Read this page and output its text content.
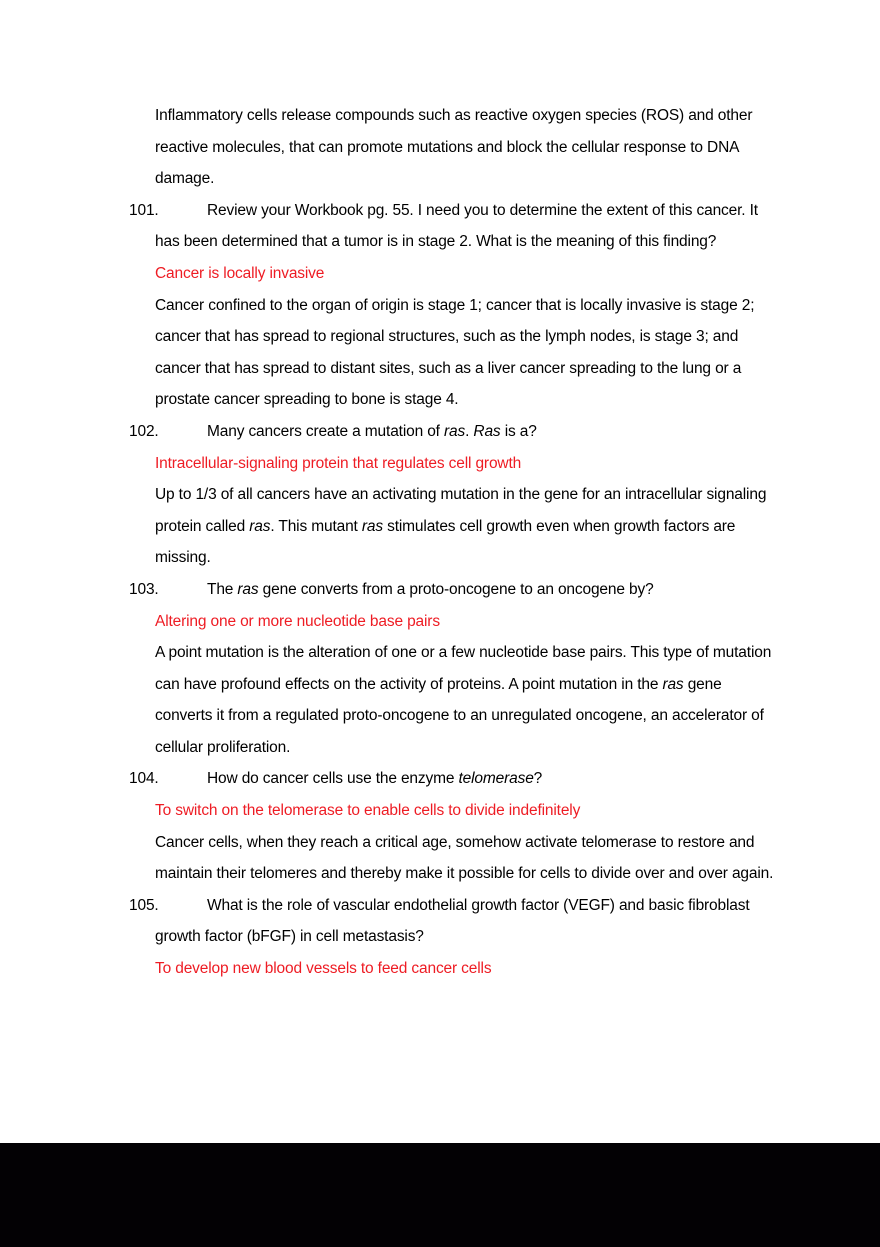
Inflammatory cells release compounds such as reactive oxygen species (ROS) and other reactive molecules, that can promote mutations and block the cellular response to DNA damage.
101.	Review your Workbook pg. 55. I need you to determine the extent of this cancer. It has been determined that a tumor is in stage 2. What is the meaning of this finding?
Cancer is locally invasive
Cancer confined to the organ of origin is stage 1; cancer that is locally invasive is stage 2; cancer that has spread to regional structures, such as the lymph nodes, is stage 3; and cancer that has spread to distant sites, such as a liver cancer spreading to the lung or a prostate cancer spreading to bone is stage 4.
102.	Many cancers create a mutation of ras. Ras is a?
Intracellular-signaling protein that regulates cell growth
Up to 1/3 of all cancers have an activating mutation in the gene for an intracellular signaling protein called ras. This mutant ras stimulates cell growth even when growth factors are missing.
103.	The ras gene converts from a proto-oncogene to an oncogene by?
Altering one or more nucleotide base pairs
A point mutation is the alteration of one or a few nucleotide base pairs. This type of mutation can have profound effects on the activity of proteins. A point mutation in the ras gene converts it from a regulated proto-oncogene to an unregulated oncogene, an accelerator of cellular proliferation.
104.	How do cancer cells use the enzyme telomerase?
To switch on the telomerase to enable cells to divide indefinitely
Cancer cells, when they reach a critical age, somehow activate telomerase to restore and maintain their telomeres and thereby make it possible for cells to divide over and over again.
105.	What is the role of vascular endothelial growth factor (VEGF) and basic fibroblast growth factor (bFGF) in cell metastasis?
To develop new blood vessels to feed cancer cells
